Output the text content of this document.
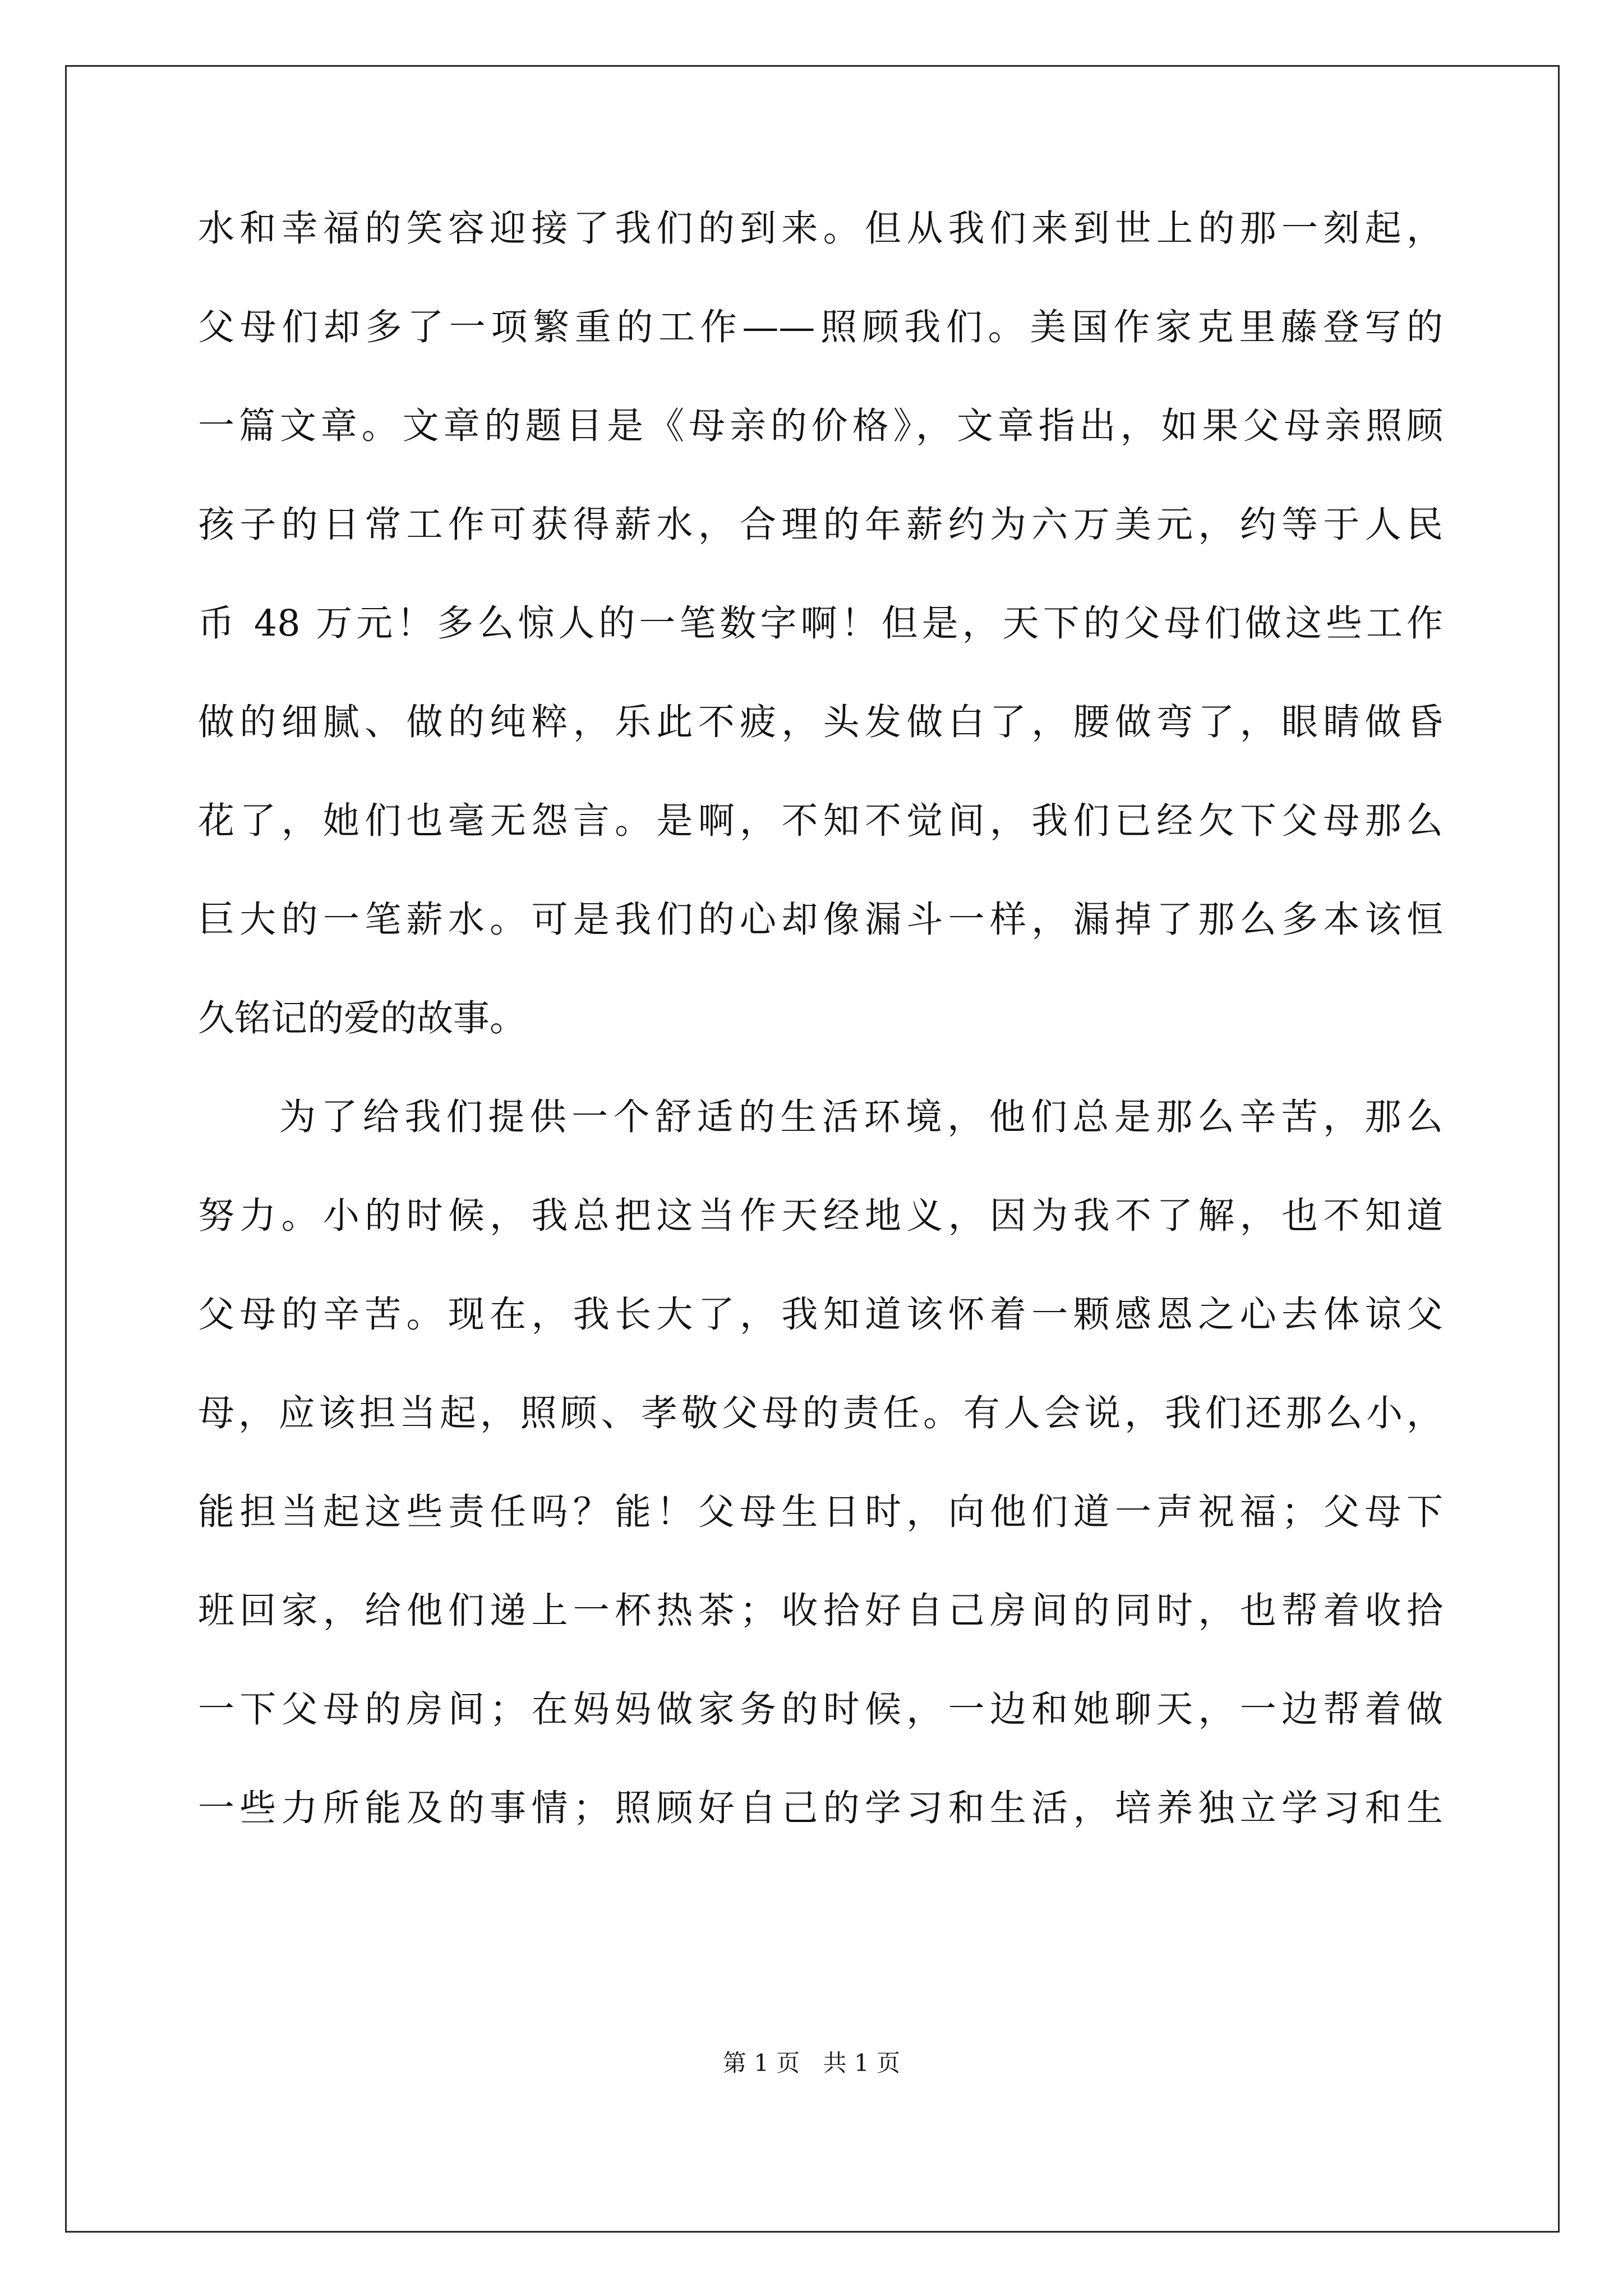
水和幸福的笑容迎接了我们的到来。但从我们来到世上的那一刻起，
父母们却多了一项繁重的工作——照顾我们。美国作家克里藤登写的
一篇文章。文章的题目是《母亲的价格》，文章指出，如果父母亲照顾
孩子的日常工作可获得薪水，合理的年薪约为六万美元，约等于人民
币 48 万元！多么惊人的一笔数字啊！但是，天下的父母们做这些工作
做的细腻、做的纯粹，乐此不疲，头发做白了，腰做弯了，眼睛做昏
花了，她们也毫无怨言。是啊，不知不觉间，我们已经欠下父母那么
巨大的一笔薪水。可是我们的心却像漏斗一样，漏掉了那么多本该恒
久铭记的爱的故事。
为了给我们提供一个舒适的生活环境，他们总是那么辛苦，那么
努力。小的时候，我总把这当作天经地义，因为我不了解，也不知道
父母的辛苦。现在，我长大了，我知道该怀着一颗感恩之心去体谅父
母，应该担当起，照顾、孝敬父母的责任。有人会说，我们还那么小，
能担当起这些责任吗？能！父母生日时，向他们道一声祝福；父母下
班回家，给他们递上一杯热茶；收拾好自己房间的同时，也帮着收拾
一下父母的房间；在妈妈做家务的时候，一边和她聊天，一边帮着做
一些力所能及的事情；照顾好自己的学习和生活，培养独立学习和生
第 1 页 共 1 页
